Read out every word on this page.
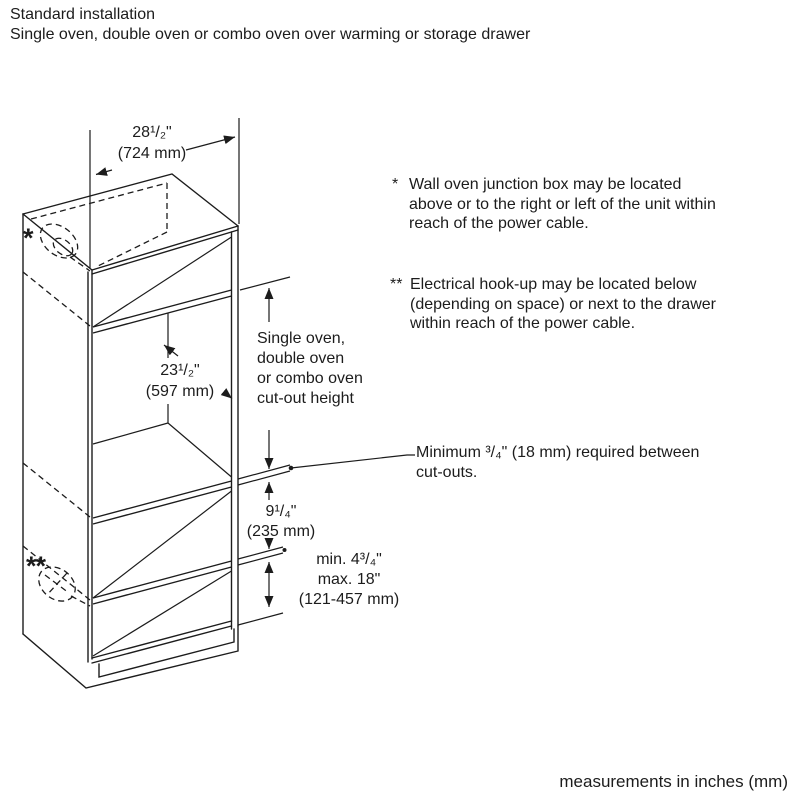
Standard installation
Single oven, double oven or combo oven over warming or storage drawer
*
**
28¹/₂"
(724 mm)
23¹/₂"
(597 mm)
Single oven,
double oven
or combo oven
cut-out height
9¹/₄"
(235 mm)
min. 4³/₄"
max. 18"
(121-457 mm)
* Wall oven junction box may be located
above or to the right or left of the unit within
reach of the power cable.
** Electrical hook-up may be located below
(depending on space) or next to the drawer
within reach of the power cable.
Minimum ³/₄" (18 mm) required between
cut-outs.
measurements in inches (mm)
